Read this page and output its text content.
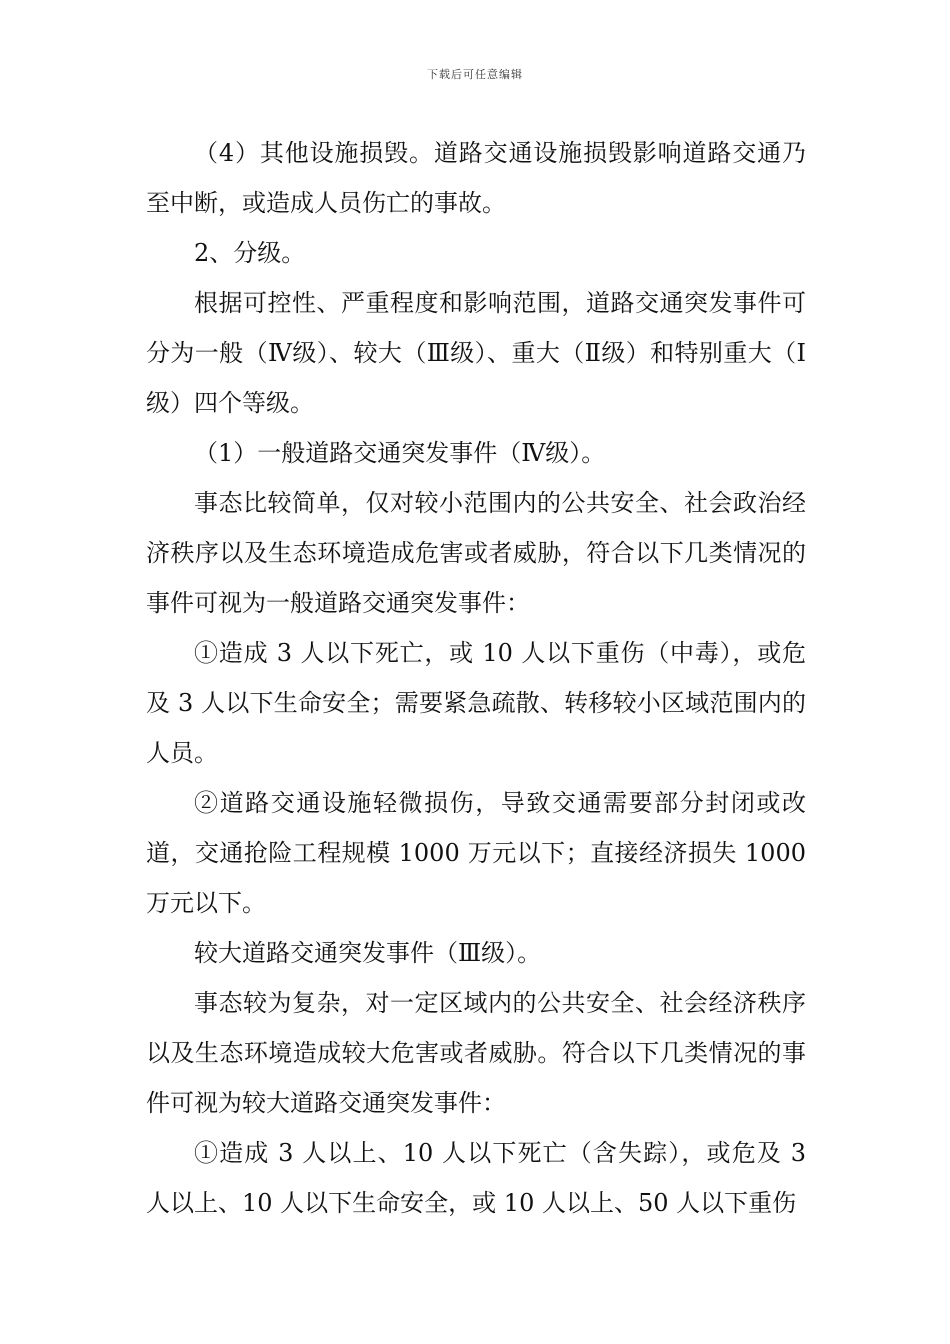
下载后可任意编辑

（4）其他设施损毁。道路交通设施损毁影响道路交通乃至中断，或造成人员伤亡的事故。

2、分级。

根据可控性、严重程度和影响范围，道路交通突发事件可分为一般（Ⅳ级）、较大（Ⅲ级）、重大（Ⅱ级）和特别重大（Ⅰ级）四个等级。

（1）一般道路交通突发事件（Ⅳ级）。

事态比较简单，仅对较小范围内的公共安全、社会政治经济秩序以及生态环境造成危害或者威胁，符合以下几类情况的事件可视为一般道路交通突发事件：

①造成 3 人以下死亡，或 10 人以下重伤（中毒），或危及 3 人以下生命安全；需要紧急疏散、转移较小区域范围内的人员。

②道路交通设施轻微损伤，导致交通需要部分封闭或改道，交通抢险工程规模 1000 万元以下；直接经济损失 1000 万元以下。

较大道路交通突发事件（Ⅲ级）。

事态较为复杂，对一定区域内的公共安全、社会经济秩序以及生态环境造成较大危害或者威胁。符合以下几类情况的事件可视为较大道路交通突发事件：

①造成 3 人以上、10 人以下死亡（含失踪），或危及 3 人以上、10 人以下生命安全，或 10 人以上、50 人以下重伤
